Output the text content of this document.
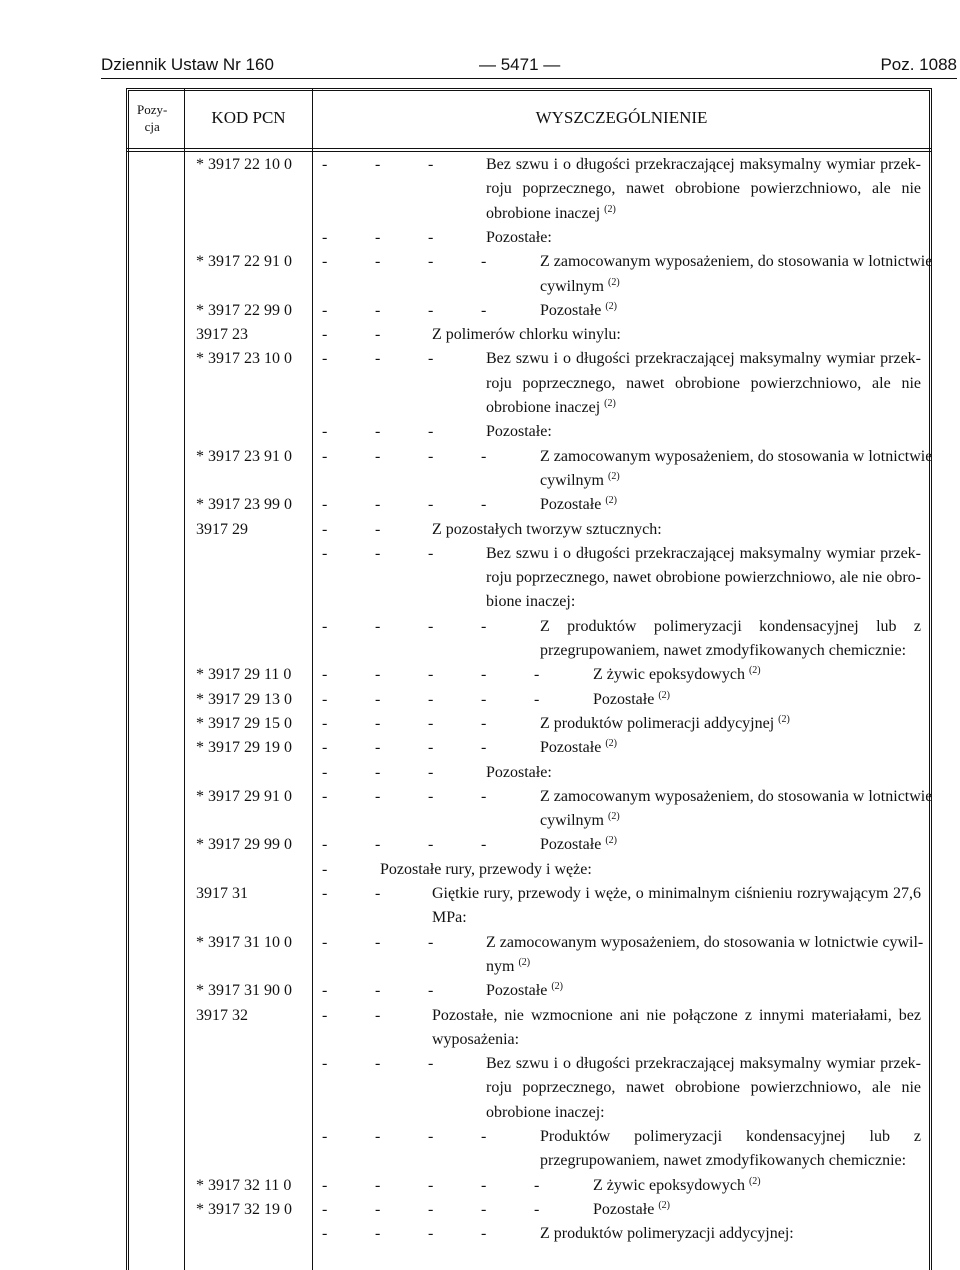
Dziennik Ustaw Nr 160	— 5471 —	Poz. 1088
Pozy-
cja	KOD PCN	WYSZCZEGÓLNIENIE
* 3917 22 10 0 -	-	-	Bez szwu i o długości przekraczającej maksymalny wymiar przek-
roju poprzecznego, nawet obrobione powierzchniowo, ale nie
obrobione inaczej $^{(2)}$
-	-	-	Pozostałe:
* 3917 22 91 0 -	-	-	-	Z zamocowanym wyposażeniem, do stosowania w lotnictwie
cywilnym $^{(2)}$
* 3917 22 99 0 -	-	-	-	Pozostałe $^{(2)}$
3917 23	-	-	Z polimerów chlorku winylu:
* 3917 23 10 0 -	-	-	Bez szwu i o długości przekraczającej maksymalny wymiar przek-
roju poprzecznego, nawet obrobione powierzchniowo, ale nie
obrobione inaczej $^{(2)}$
-	-	-	Pozostałe:
* 3917 23 91 0 -	-	-	-	Z zamocowanym wyposażeniem, do stosowania w lotnictwie
cywilnym $^{(2)}$
* 3917 23 99 0 -	-	-	-	Pozostałe $^{(2)}$
3917 29	-	-	Z pozostałych tworzyw sztucznych:
-	-	-	Bez szwu i o długości przekraczającej maksymalny wymiar przek-
roju poprzecznego, nawet obrobione powierzchniowo, ale nie obro-
bione inaczej:
-	-	-	-	Z produktów polimeryzacji kondensacyjnej lub z
przegrupowaniem, nawet zmodyfikowanych chemicznie:
* 3917 29 11 0 -	-	-	-	-	Z żywic epoksydowych $^{(2)}$
* 3917 29 13 0 -	-	-	-	-	Pozostałe $^{(2)}$
* 3917 29 15 0 -	-	-	-	Z produktów polimeracji addycyjnej $^{(2)}$
* 3917 29 19 0 -	-	-	-	Pozostałe $^{(2)}$
-	-	-	Pozostałe:
* 3917 29 91 0 -	-	-	-	Z zamocowanym wyposażeniem, do stosowania w lotnictwie
cywilnym $^{(2)}$
* 3917 29 99 0 -	-	-	-	Pozostałe $^{(2)}$
-	Pozostałe rury, przewody i węże:
3917 31	-	-	Giętkie rury, przewody i węże, o minimalnym ciśnieniu rozrywającym 27,6
MPa:
* 3917 31 10 0 -	-	-	Z zamocowanym wyposażeniem, do stosowania w lotnictwie cywil-
nym $^{(2)}$
* 3917 31 90 0 -	-	-	Pozostałe $^{(2)}$
3917 32	-	-	Pozostałe, nie wzmocnione ani nie połączone z innymi materiałami, bez
wyposażenia:
-	-	-	Bez szwu i o długości przekraczającej maksymalny wymiar przek-
roju poprzecznego, nawet obrobione powierzchniowo, ale nie
obrobione inaczej:
-	-	-	-	Produktów polimeryzacji kondensacyjnej lub z
przegrupowaniem, nawet zmodyfikowanych chemicznie:
* 3917 32 11 0 -	-	-	-	-	Z żywic epoksydowych $^{(2)}$
* 3917 32 19 0 -	-	-	-	-	Pozostałe $^{(2)}$
-	-	-	-	Z produktów polimeryzacji addycyjnej:
